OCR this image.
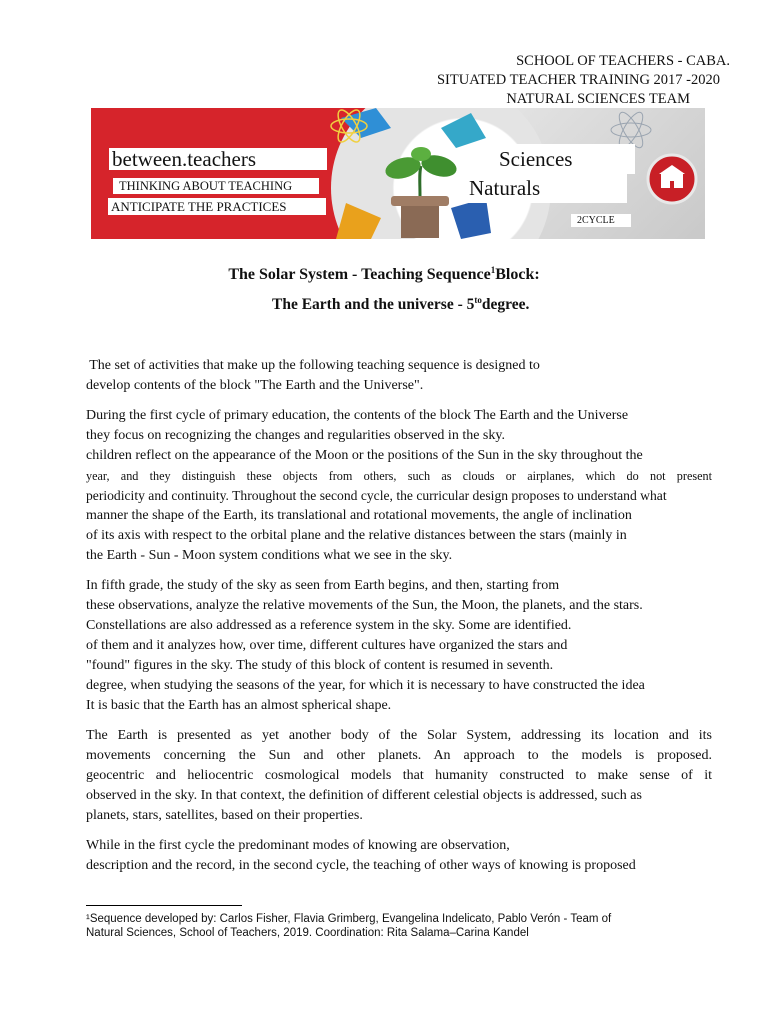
SCHOOL OF TEACHERS - CABA.
SITUATED TEACHER TRAINING 2017 -2020
NATURAL SCIENCES TEAM
between.teachers
THINKING ABOUT TEACHING
ANTICIPATE THE PRACTICES
Sciences
Naturals
2CYCLE
The Solar System - Teaching Sequence$^1$Block:
The Earth and the universe - $5^{to}degree$.

The set of activities that make up the following teaching sequence is designed to
develop contents of the block "The Earth and the Universe".

During the first cycle of primary education, the contents of the block The Earth and the Universe
they focus on recognizing the changes and regularities observed in the sky.
children reflect on the appearance of the Moon or the positions of the Sun in the sky throughout the
year, and they distinguish these objects from others, such as clouds or airplanes, which do not present
periodicity and continuity. Throughout the second cycle, the curricular design proposes to understand what
manner the shape of the Earth, its translational and rotational movements, the angle of inclination
of its axis with respect to the orbital plane and the relative distances between the stars (mainly in
the Earth - Sun - Moon system conditions what we see in the sky.

In fifth grade, the study of the sky as seen from Earth begins, and then, starting from
these observations, analyze the relative movements of the Sun, the Moon, the planets, and the stars.
Constellations are also addressed as a reference system in the sky. Some are identified.
of them and it analyzes how, over time, different cultures have organized the stars and
"found" figures in the sky. The study of this block of content is resumed in seventh.
degree, when studying the seasons of the year, for which it is necessary to have constructed the idea
It is basic that the Earth has an almost spherical shape.

The Earth is presented as yet another body of the Solar System, addressing its location and its
movements concerning the Sun and other planets. An approach to the models is proposed.
geocentric and heliocentric cosmological models that humanity constructed to make sense of it
observed in the sky. In that context, the definition of different celestial objects is addressed, such as
planets, stars, satellites, based on their properties.

While in the first cycle the predominant modes of knowing are observation,
description and the record, in the second cycle, the teaching of other ways of knowing is proposed

¹Sequence developed by: Carlos Fisher, Flavia Grimberg, Evangelina Indelicato, Pablo Verón - Team of
Natural Sciences, School of Teachers, 2019. Coordination: Rita Salama–Carina Kandel
